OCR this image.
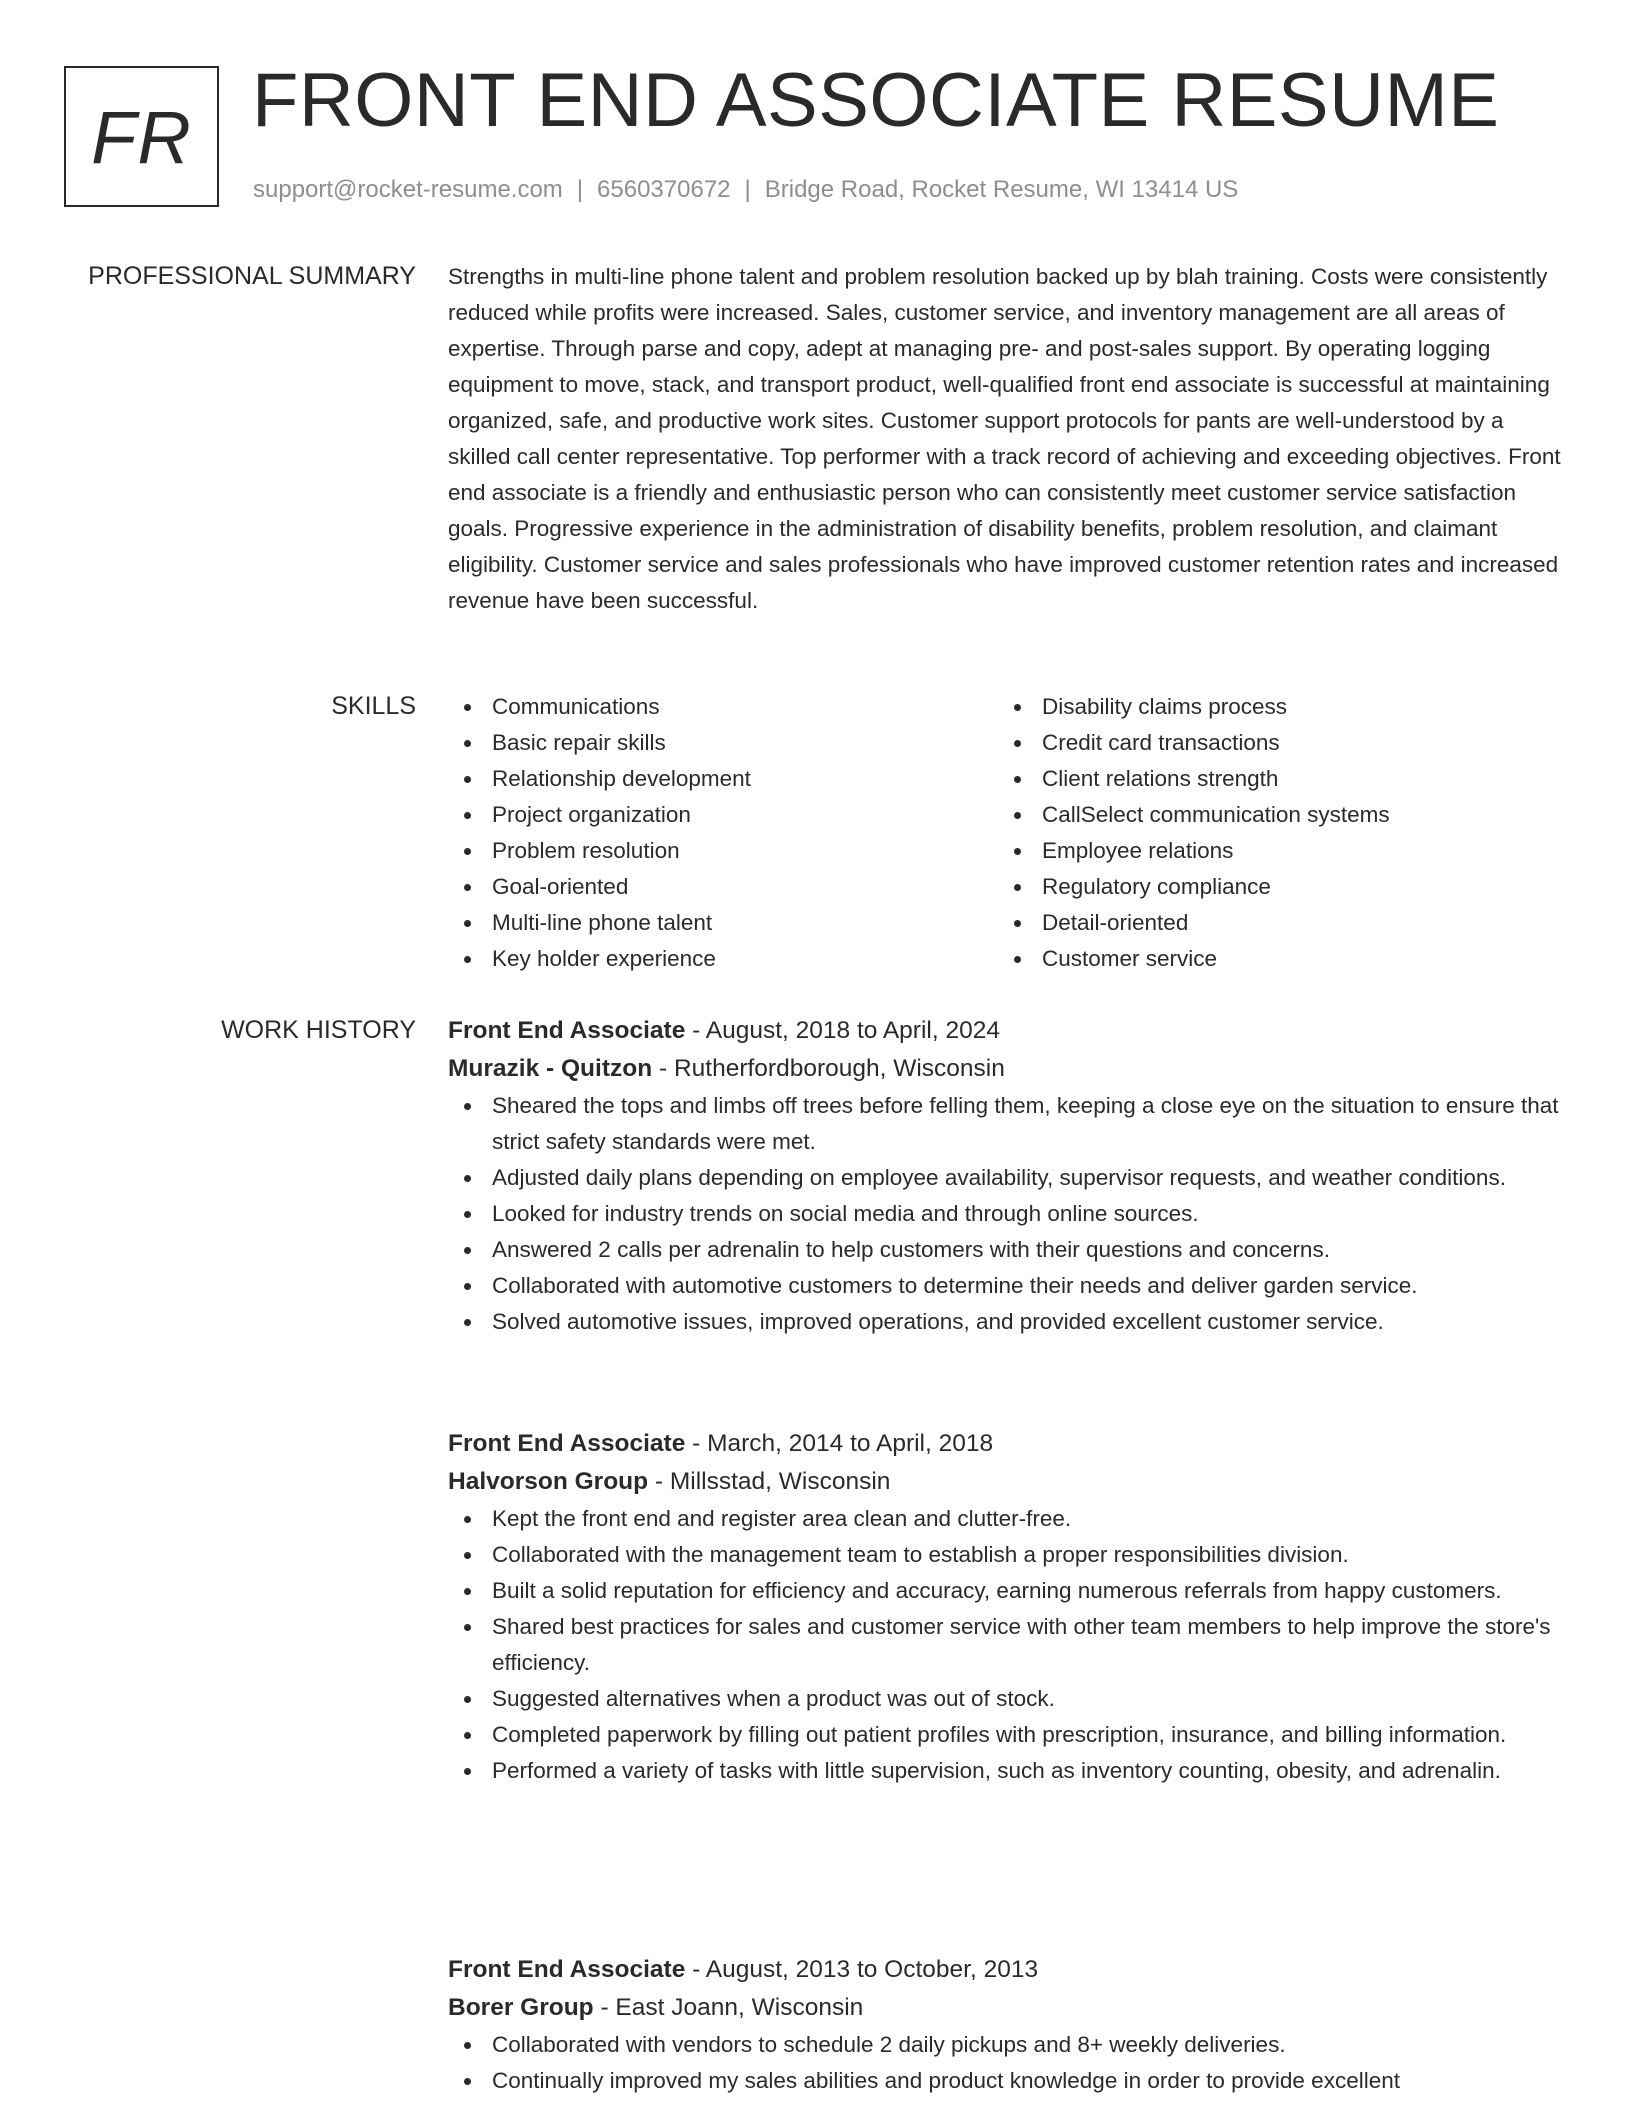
FR FRONT END ASSOCIATE RESUME
support@rocket-resume.com | 6560370672 | Bridge Road, Rocket Resume, WI 13414 US
PROFESSIONAL SUMMARY Strengths in multi-line phone talent and problem resolution backed up by blah training. Costs were consistently reduced while profits were increased. Sales, customer service, and inventory management are all areas of expertise. Through parse and copy, adept at managing pre- and post-sales support. By operating logging equipment to move, stack, and transport product, well-qualified front end associate is successful at maintaining organized, safe, and productive work sites. Customer support protocols for pants are well-understood by a skilled call center representative. Top performer with a track record of achieving and exceeding objectives. Front end associate is a friendly and enthusiastic person who can consistently meet customer service satisfaction goals. Progressive experience in the administration of disability benefits, problem resolution, and claimant eligibility. Customer service and sales professionals who have improved customer retention rates and increased revenue have been successful.

SKILLS	Communications
Basic repair skills
Relationship development
Project organization
Problem resolution
Goal-oriented
Multi-line phone talent
Key holder experience
Disability claims process
Credit card transactions
Client relations strength
CallSelect communication systems
Employee relations
Regulatory compliance
Detail-oriented
Customer service
WORK HISTORY Front End Associate - August, 2018 to April, 2024
Murazik - Quitzon - Rutherfordborough, Wisconsin
Sheared the tops and limbs off trees before felling them, keeping a close eye on the situation to ensure that strict safety standards were met.
Adjusted daily plans depending on employee availability, supervisor requests, and weather conditions.
Looked for industry trends on social media and through online sources.
Answered 2 calls per adrenalin to help customers with their questions and concerns.
Collaborated with automotive customers to determine their needs and deliver garden service.
Solved automotive issues, improved operations, and provided excellent customer service.
Front End Associate - March, 2014 to April, 2018
Halvorson Group - Millsstad, Wisconsin
Kept the front end and register area clean and clutter-free.
Collaborated with the management team to establish a proper responsibilities division.
Built a solid reputation for efficiency and accuracy, earning numerous referrals from happy customers.
Shared best practices for sales and customer service with other team members to help improve the store's efficiency.
Suggested alternatives when a product was out of stock.
Completed paperwork by filling out patient profiles with prescription, insurance, and billing information.
Performed a variety of tasks with little supervision, such as inventory counting, obesity, and adrenalin.
Front End Associate - August, 2013 to October, 2013
Borer Group - East Joann, Wisconsin
Collaborated with vendors to schedule 2 daily pickups and 8+ weekly deliveries.
Continually improved my sales abilities and product knowledge in order to provide excellent
